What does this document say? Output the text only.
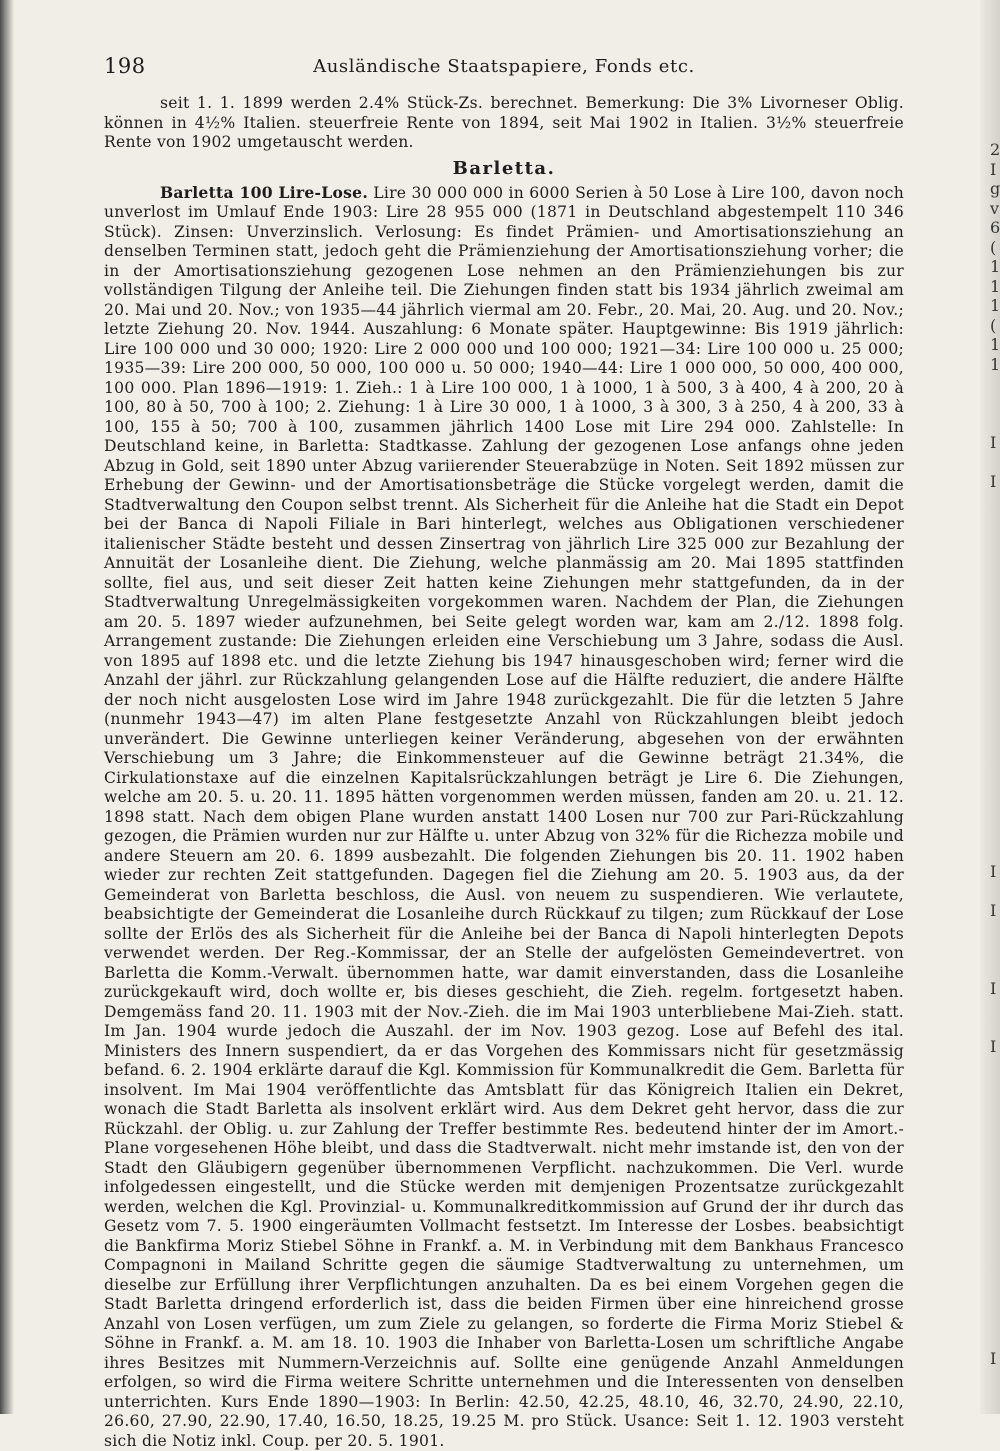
2
I
g
v
6
(
1
1
1
(
1
1
I
I
I
I
I
I
I
198	Ausländische Staatspapiere, Fonds etc.

seit 1. 1. 1899 werden 2.4% Stück-Zs. berechnet. Bemerkung: Die 3% Livorneser Oblig. können in 4½% Italien. steuerfreie Rente von 1894, seit Mai 1902 in Italien. 3½% steuerfreie Rente von 1902 umgetauscht werden.

Barletta.

Barletta 100 Lire-Lose. Lire 30 000 000 in 6000 Serien à 50 Lose à Lire 100, davon noch unverlost im Umlauf Ende 1903: Lire 28 955 000 (1871 in Deutschland abgestempelt 110 346 Stück). Zinsen: Unverzinslich. Verlosung: Es findet Prämien- und Amortisationsziehung an denselben Terminen statt, jedoch geht die Prämienziehung der Amortisationsziehung vorher; die in der Amortisationsziehung gezogenen Lose nehmen an den Prämienziehungen bis zur vollständigen Tilgung der Anleihe teil. Die Ziehungen finden statt bis 1934 jährlich zweimal am 20. Mai und 20. Nov.; von 1935—44 jährlich viermal am 20. Febr., 20. Mai, 20. Aug. und 20. Nov.; letzte Ziehung 20. Nov. 1944. Auszahlung: 6 Monate später. Hauptgewinne: Bis 1919 jährlich: Lire 100 000 und 30 000; 1920: Lire 2 000 000 und 100 000; 1921—34: Lire 100 000 u. 25 000; 1935—39: Lire 200 000, 50 000, 100 000 u. 50 000; 1940—44: Lire 1 000 000, 50 000, 400 000, 100 000. Plan 1896—1919: 1. Zieh.: 1 à Lire 100 000, 1 à 1000, 1 à 500, 3 à 400, 4 à 200, 20 à 100, 80 à 50, 700 à 100; 2. Ziehung: 1 à Lire 30 000, 1 à 1000, 3 à 300, 3 à 250, 4 à 200, 33 à 100, 155 à 50; 700 à 100, zusammen jährlich 1400 Lose mit Lire 294 000. Zahlstelle: In Deutschland keine, in Barletta: Stadtkasse. Zahlung der gezogenen Lose anfangs ohne jeden Abzug in Gold, seit 1890 unter Abzug variierender Steuerabzüge in Noten. Seit 1892 müssen zur Erhebung der Gewinn- und der Amortisationsbeträge die Stücke vorgelegt werden, damit die Stadtverwaltung den Coupon selbst trennt. Als Sicherheit für die Anleihe hat die Stadt ein Depot bei der Banca di Napoli Filiale in Bari hinterlegt, welches aus Obligationen verschiedener italienischer Städte besteht und dessen Zinsertrag von jährlich Lire 325 000 zur Bezahlung der Annuität der Losanleihe dient. Die Ziehung, welche planmässig am 20. Mai 1895 stattfinden sollte, fiel aus, und seit dieser Zeit hatten keine Ziehungen mehr stattgefunden, da in der Stadtverwaltung Unregelmässigkeiten vorgekommen waren. Nachdem der Plan, die Ziehungen am 20. 5. 1897 wieder aufzunehmen, bei Seite gelegt worden war, kam am 2./12. 1898 folg. Arrangement zustande: Die Ziehungen erleiden eine Verschiebung um 3 Jahre, sodass die Ausl. von 1895 auf 1898 etc. und die letzte Ziehung bis 1947 hinausgeschoben wird; ferner wird die Anzahl der jährl. zur Rückzahlung gelangenden Lose auf die Hälfte reduziert, die andere Hälfte der noch nicht ausgelosten Lose wird im Jahre 1948 zurückgezahlt. Die für die letzten 5 Jahre (nunmehr 1943—47) im alten Plane festgesetzte Anzahl von Rückzahlungen bleibt jedoch unverändert. Die Gewinne unterliegen keiner Veränderung, abgesehen von der erwähnten Verschiebung um 3 Jahre; die Einkommensteuer auf die Gewinne beträgt 21.34%, die Cirkulationstaxe auf die einzelnen Kapitalsrückzahlungen beträgt je Lire 6. Die Ziehungen, welche am 20. 5. u. 20. 11. 1895 hätten vorgenommen werden müssen, fanden am 20. u. 21. 12. 1898 statt. Nach dem obigen Plane wurden anstatt 1400 Losen nur 700 zur Pari-Rückzahlung gezogen, die Prämien wurden nur zur Hälfte u. unter Abzug von 32% für die Richezza mobile und andere Steuern am 20. 6. 1899 ausbezahlt. Die folgenden Ziehungen bis 20. 11. 1902 haben wieder zur rechten Zeit stattgefunden. Dagegen fiel die Ziehung am 20. 5. 1903 aus, da der Gemeinderat von Barletta beschloss, die Ausl. von neuem zu suspendieren. Wie verlautete, beabsichtigte der Gemeinderat die Losanleihe durch Rückkauf zu tilgen; zum Rückkauf der Lose sollte der Erlös des als Sicherheit für die Anleihe bei der Banca di Napoli hinterlegten Depots verwendet werden. Der Reg.-Kommissar, der an Stelle der aufgelösten Gemeindevertret. von Barletta die Komm.-Verwalt. übernommen hatte, war damit einverstanden, dass die Losanleihe zurückgekauft wird, doch wollte er, bis dieses geschieht, die Zieh. regelm. fortgesetzt haben. Demgemäss fand 20. 11. 1903 mit der Nov.-Zieh. die im Mai 1903 unterbliebene Mai-Zieh. statt. Im Jan. 1904 wurde jedoch die Auszahl. der im Nov. 1903 gezog. Lose auf Befehl des ital. Ministers des Innern suspendiert, da er das Vorgehen des Kommissars nicht für gesetzmässig befand. 6. 2. 1904 erklärte darauf die Kgl. Kommission für Kommunalkredit die Gem. Barletta für insolvent. Im Mai 1904 veröffentlichte das Amtsblatt für das Königreich Italien ein Dekret, wonach die Stadt Barletta als insolvent erklärt wird. Aus dem Dekret geht hervor, dass die zur Rückzahl. der Oblig. u. zur Zahlung der Treffer bestimmte Res. bedeutend hinter der im Amort.-Plane vorgesehenen Höhe bleibt, und dass die Stadtverwalt. nicht mehr imstande ist, den von der Stadt den Gläubigern gegenüber übernommenen Verpflicht. nachzukommen. Die Verl. wurde infolgedessen eingestellt, und die Stücke werden mit demjenigen Prozentsatze zurückgezahlt werden, welchen die Kgl. Provinzial- u. Kommunalkreditkommission auf Grund der ihr durch das Gesetz vom 7. 5. 1900 eingeräumten Vollmacht festsetzt. Im Interesse der Losbes. beabsichtigt die Bankfirma Moriz Stiebel Söhne in Frankf. a. M. in Verbindung mit dem Bankhaus Francesco Compagnoni in Mailand Schritte gegen die säumige Stadtverwaltung zu unternehmen, um dieselbe zur Erfüllung ihrer Verpflichtungen anzuhalten. Da es bei einem Vorgehen gegen die Stadt Barletta dringend erforderlich ist, dass die beiden Firmen über eine hinreichend grosse Anzahl von Losen verfügen, um zum Ziele zu gelangen, so forderte die Firma Moriz Stiebel & Söhne in Frankf. a. M. am 18. 10. 1903 die Inhaber von Barletta-Losen um schriftliche Angabe ihres Besitzes mit Nummern-Verzeichnis auf. Sollte eine genügende Anzahl Anmeldungen erfolgen, so wird die Firma weitere Schritte unternehmen und die Interessenten von denselben unterrichten. Kurs Ende 1890—1903: In Berlin: 42.50, 42.25, 48.10, 46, 32.70, 24.90, 22.10, 26.60, 27.90, 22.90, 17.40, 16.50, 18.25, 19.25 M. pro Stück. Usance: Seit 1. 12. 1903 versteht sich die Notiz inkl. Coup. per 20. 5. 1901.
